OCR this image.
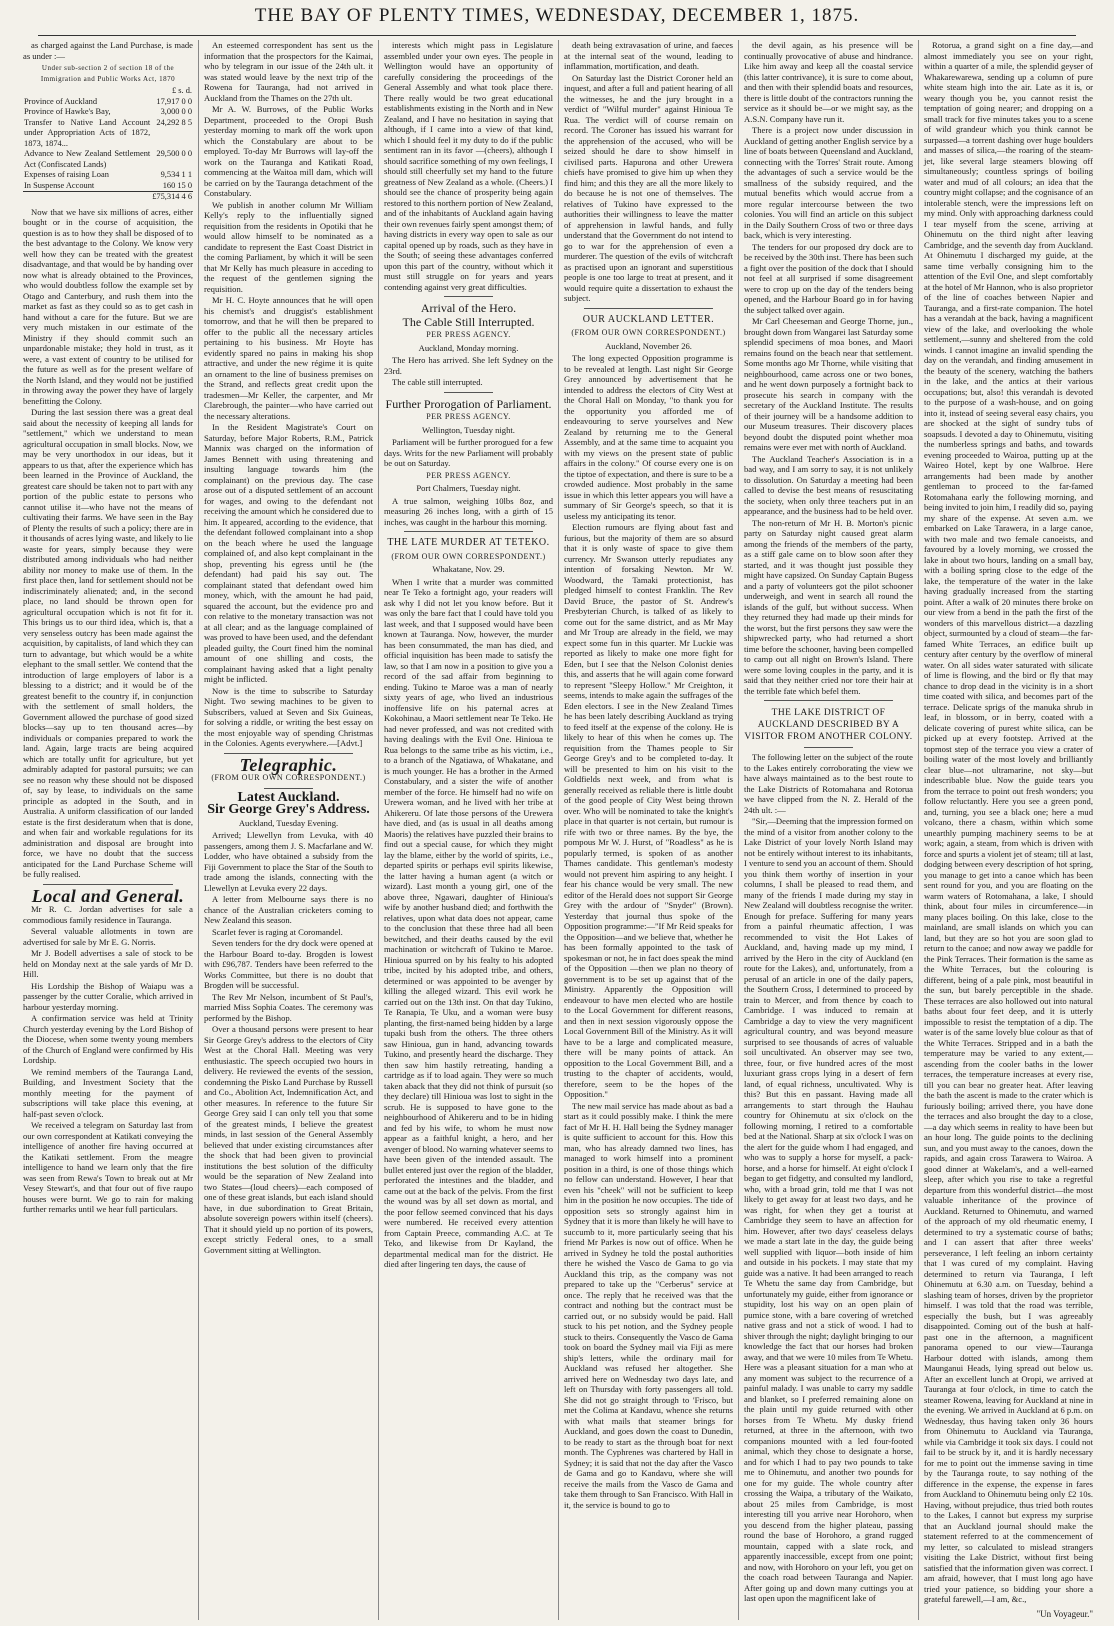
THE BAY OF PLENTY TIMES, WEDNESDAY, DECEMBER 1, 1875.

as charged against the Land Purchase, is made as under :—

Under sub-section 2 of section 18 of the Immigration and Public Works Act, 1870
	£ s. d.
Province of Auckland	17,917 0 0
Province of Hawke's Bay,	3,000 0 0
Transfer to Native Land Account under Appropriation Acts of 1872, 1873, 1874...	24,292 8 5
Advance to New Zealand Settlement Act (Confiscated Lands)	29,500 0 0
Expenses of raising Loan	9,534 1 1
In Suspense Account	160 15 0
	£75,314 4 6

Now that we have six millions of acres, either bought or in the course of acquisition, the question is as to how they shall be disposed of to the best advantage to the Colony. We know very well how they can be treated with the greatest disadvantage, and that would be by handing over now what is already obtained to the Provinces, who would doubtless follow the example set by Otago and Canterbury, and rush them into the market as fast as they could so as to get cash in hand without a care for the future. But we are very much mistaken in our estimate of the Ministry if they should commit such an unpardonable mistake; they hold in trust, as it were, a vast extent of country to be utilised for the future as well as for the present welfare of the North Island, and they would not be justified in throwing away the power they have of largely benefitting the Colony.

During the last session there was a great deal said about the necessity of keeping all lands for "settlement," which we understand to mean agricultural occupation in small blocks. Now, we may be very unorthodox in our ideas, but it appears to us that, after the experience which has been learned in the Province of Auckland, the greatest care should be taken not to part with any portion of the public estate to persons who cannot utilise it—who have not the means of cultivating their farms. We have seen in the Bay of Plenty the results of such a policy; there are in it thousands of acres lying waste, and likely to lie waste for years, simply because they were distributed among individuals who had neither ability nor money to make use of them. In the first place then, land for settlement should not be indiscriminately alienated; and, in the second place, no land should be thrown open for agricultural occupation which is not fit for it. This brings us to our third idea, which is, that a very senseless outcry has been made against the acquisition, by capitalists, of land which they can turn to advantage, but which would be a white elephant to the small settler. We contend that the introduction of large employers of labor is a blessing to a district; and it would be of the greatest benefit to the country if, in conjunction with the settlement of small holders, the Government allowed the purchase of good sized blocks—say up to ten thousand acres—by individuals or companies prepared to work the land. Again, large tracts are being acquired which are totally unfit for agriculture, but yet admirably adapted for pastoral pursuits; we can see no reason why these should not be disposed of, say by lease, to individuals on the same principle as adopted in the South, and in Australia. A uniform classification of our landed estate is the first desideratum when that is done, and when fair and workable regulations for its administration and disposal are brought into force, we have no doubt that the success anticipated for the Land Purchase Scheme will be fully realised.

Local and General.

Mr R. C. Jordan advertises for sale a commodious family residence in Tauranga.

Several valuable allotments in town are advertised for sale by Mr E. G. Norris.

Mr J. Bodell advertises a sale of stock to be held on Monday next at the sale yards of Mr D. Hill.

His Lordship the Bishop of Waiapu was a passenger by the cutter Coralie, which arrived in harbour yesterday morning.

A confirmation service was held at Trinity Church yesterday evening by the Lord Bishop of the Diocese, when some twenty young members of the Church of England were confirmed by His Lordship.

We remind members of the Tauranga Land, Building, and Investment Society that the monthly meeting for the payment of subscriptions will take place this evening, at half-past seven o'clock.

We received a telegram on Saturday last from our own correspondent at Katikati conveying the intelligence of another fire having occurred at the Katikati settlement. From the meagre intelligence to hand we learn only that the fire was seen from Rewa's Town to break out at Mr Vesey Stewart's, and that four out of five raupo houses were burnt. We go to rain for making further remarks until we hear full particulars.

An esteemed correspondent has sent us the information that the prospectors for the Kaimai, who by telegram in our issue of the 24th ult. it was stated would leave by the next trip of the Rowena for Tauranga, had not arrived in Auckland from the Thames on the 27th ult.

Mr A. W. Burrows, of the Public Works Department, proceeded to the Oropi Bush yesterday morning to mark off the work upon which the Constabulary are about to be employed. To-day Mr Burrows will lay-off the work on the Tauranga and Katikati Road, commencing at the Waitoa mill dam, which will be carried on by the Tauranga detachment of the Constabulary.

We publish in another column Mr William Kelly's reply to the influentially signed requisition from the residents in Opotiki that he would allow himself to be nominated as a candidate to represent the East Coast District in the coming Parliament, by which it will be seen that Mr Kelly has much pleasure in acceding to the request of the gentlemen signing the requisition.

Mr H. C. Hoyte announces that he will open his chemist's and druggist's establishment tomorrow, and that he will then be prepared to offer to the public all the necessary articles pertaining to his business. Mr Hoyte has evidently spared no pains in making his shop attractive, and under the new régime it is quite an ornament to the line of business premises on the Strand, and reflects great credit upon the tradesmen—Mr Keller, the carpenter, and Mr Clarebrough, the painter—who have carried out the necessary alterations.

In the Resident Magistrate's Court on Saturday, before Major Roberts, R.M., Patrick Mannix was charged on the information of James Bennett with using threatening and insulting language towards him (the complainant) on the previous day. The case arose out of a disputed settlement of an account for wages, and owing to the defendant not receiving the amount which he considered due to him. It appeared, according to the evidence, that the defendant followed complainant into a shop on the beach where he used the language complained of, and also kept complainant in the shop, preventing his egress until he (the defendant) had paid his say out. The complainant stated that defendant owed him money, which, with the amount he had paid, squared the account, but the evidence pro and con relative to the monetary transaction was not at all clear; and as the language complained of was proved to have been used, and the defendant pleaded guilty, the Court fined him the nominal amount of one shilling and costs, the complainant having asked that a light penalty might be inflicted.

Now is the time to subscribe to Saturday Night. Two sewing machines to be given to Subscribers, valued at Seven and Six Guineas, for solving a riddle, or writing the best essay on the most enjoyable way of spending Christmas in the Colonies. Agents everywhere.—[Advt.]

Telegraphic.
(FROM OUR OWN CORRESPONDENT.)
Latest Auckland.
Sir George Grey's Address.
Auckland, Tuesday Evening.

Arrived; Llewellyn from Levuka, with 40 passengers, among them J. S. Macfarlane and W. Lodder, who have obtained a subsidy from the Fiji Government to place the Star of the South to trade among the islands, connecting with the Llewellyn at Levuka every 22 days.

A letter from Melbourne says there is no chance of the Australian cricketers coming to New Zealand this season.

Scarlet fever is raging at Coromandel.

Seven tenders for the dry dock were opened at the Harbour Board to-day. Brogden is lowest with £96,787. Tenders have been referred to the Works Committee, but there is no doubt that Brogden will be successful.

The Rev Mr Nelson, incumbent of St Paul's, married Miss Sophia Coates. The ceremony was performed by the Bishop.

Over a thousand persons were present to hear Sir George Grey's address to the electors of City West at the Choral Hall. Meeting was very enthusiastic. The speech occupied two hours in delivery. He reviewed the events of the session, condemning the Pisko Land Purchase by Russell and Co., Abolition Act, Indemnification Act, and other measures. In reference to the future Sir George Grey said I can only tell you that some of the greatest minds, I believe the greatest minds, in last session of the General Assembly believed that under existing circumstances after the shock that had been given to provincial institutions the best solution of the difficulty would be the separation of New Zealand into two States—(loud cheers)—each composed of one of these great islands, but each island should have, in due subordination to Great Britain, absolute sovereign powers within itself (cheers). That it should yield up no portion of its powers, except strictly Federal ones, to a small Government sitting at Wellington.

interests which might pass in Legislature assembled under your own eyes. The people in Wellington would have an opportunity of carefully considering the proceedings of the General Assembly and what took place there. There really would be two great educational establishments existing in the North and in New Zealand, and I have no hesitation in saying that although, if I came into a view of that kind, which I should feel it my duty to do if the public sentiment ran in its favor —(cheers), although I should sacrifice something of my own feelings, I should still cheerfully set my hand to the future greatness of New Zealand as a whole. (Cheers.) I should see the chance of prosperity being again restored to this northern portion of New Zealand, and of the inhabitants of Auckland again having their own revenues fairly spent amongst them; of having districts in every way open to sale as our capital opened up by roads, such as they have in the South; of seeing these advantages conferred upon this part of the country, without which it must still struggle on for years and years contending against very great difficulties.

Arrival of the Hero.
The Cable Still Interrupted.
PER PRESS AGENCY.
Auckland, Monday morning.

The Hero has arrived. She left Sydney on the 23rd.

The cable still interrupted.

Further Prorogation of Parliament.
PER PRESS AGENCY.
Wellington, Tuesday night.

Parliament will be further prorogued for a few days. Writs for the new Parliament will probably be out on Saturday.

PER PRESS AGENCY.
Port Chalmers, Tuesday night.

A true salmon, weighing 10lbs 8oz, and measuring 26 inches long, with a girth of 15 inches, was caught in the harbour this morning.

THE LATE MURDER AT TETEKO.
(FROM OUR OWN CORRESPONDENT.)
Whakatane, Nov. 29.

When I write that a murder was committed near Te Teko a fortnight ago, your readers will ask why I did not let you know before. But it was only the bare fact that I could have told you last week, and that I supposed would have been known at Tauranga. Now, however, the murder has been consummated, the man has died, and official inquisition has been made to satisfy the law, so that I am now in a position to give you a record of the sad affair from beginning to ending. Tukino te Maroe was a man of nearly sixty years of age, who lived an industrious inoffensive life on his paternal acres at Kokohinau, a Maori settlement near Te Teko. He had never professed, and was not credited with having dealings with the Evil One. Hinioua te Rua belongs to the same tribe as his victim, i.e., to a branch of the Ngatiawa, of Whakatane, and is much younger. He has a brother in the Armed Constabulary, and a sister the wife of another member of the force. He himself had no wife on Urewera woman, and he lived with her tribe at Ahikereru. Of late those persons of the Urewera have died, and (as is usual in all deaths among Maoris) the relatives have puzzled their brains to find out a special cause, for which they might lay the blame, either by the world of spirits, i.e., departed spirits or perhaps evil spirits likewise, the latter having a human agent (a witch or wizard). Last month a young girl, one of the above three, Ngawari, daughter of Hinioua's wife by another husband died; and forthwith the relatives, upon what data does not appear, came to the conclusion that these three had all been bewitched, and their deaths caused by the evil machination or witchcraft of Tukino te Maroe. Hinioua spurred on by his fealty to his adopted tribe, incited by his adopted tribe, and others, determined or was appointed to be avenger by killing the alleged wizard. This evil work he carried out on the 13th inst. On that day Tukino, Te Ranapia, Te Uku, and a woman were busy planting, the first-named being hidden by a large tupaki bush from the others. The three others saw Hinioua, gun in hand, advancing towards Tukino, and presently heard the discharge. They then saw him hastily retreating, handing a cartridge as if to load again. They were so much taken aback that they did not think of pursuit (so they declare) till Hinioua was lost to sight in the scrub. He is supposed to have gone to the neighbourhood of Ahikereru and to be in hiding and fed by his wife, to whom he must now appear as a faithful knight, a hero, and her avenger of blood. No warning whatever seems to have been given of the intended assault. The bullet entered just over the region of the bladder, perforated the intestines and the bladder, and came out at the back of the pelvis. From the first the wound was by all set down as mortal, and the poor fellow seemed convinced that his days were numbered. He received every attention from Captain Preece, commanding A.C. at Te Teko, and likewise from Dr Kayland, the departmental medical man for the district. He died after lingering ten days, the cause of

death being extravasation of urine, and faeces at the internal seat of the wound, leading to inflammation, mortification, and death.

On Saturday last the District Coroner held an inquest, and after a full and patient hearing of all the witnesses, he and the jury brought in a verdict of "Wilful murder" against Hinioua Te Rua. The verdict will of course remain on record. The Coroner has issued his warrant for the apprehension of the accused, who will be seized should he dare to show himself in civilised parts. Hapurona and other Urewera chiefs have promised to give him up when they find him; and this they are all the more likely to do because he is not one of themselves. The relatives of Tukino have expressed to the authorities their willingness to leave the matter of apprehension in lawful hands, and fully understand that the Government do not intend to go to war for the apprehension of even a murderer. The question of the evils of witchcraft as practised upon an ignorant and superstitious people is one too large to treat at present, and it would require quite a dissertation to exhaust the subject.

OUR AUCKLAND LETTER.
(FROM OUR OWN CORRESPONDENT.)
Auckland, November 26.

The long expected Opposition programme is to be revealed at length. Last night Sir George Grey announced by advertisement that he intended to address the electors of City West at the Choral Hall on Monday, "to thank you for the opportunity you afforded me of endeavouring to serve yourselves and New Zealand by returning me to the General Assembly, and at the same time to acquaint you with my views on the present state of public affairs in the colony." Of course every one is on the tiptoe of expectation, and there is sure to be a crowded audience. Most probably in the same issue in which this letter appears you will have a summary of Sir George's speech, so that it is useless my anticipating its tenor.

Election rumours are flying about fast and furious, but the majority of them are so absurd that it is only waste of space to give them currency. Mr Swanson utterly repudiates any intention of forsaking Newton. Mr W. Woodward, the Tamaki protectionist, has pledged himself to contest Franklin. The Rev David Bruce, the pastor of St. Andrew's Presbyterian Church, is talked of as likely to come out for the same district, and as Mr May and Mr Troup are already in the field, we may expect some fun in this quarter. Mr Luckie was reported as likely to make one more fight for Eden, but I see that the Nelson Colonist denies this, and asserts that he will again come forward to represent "Sleepy Hollow." Mr Creighton, it seems, intends to make again the suffrages of the Eden electors. I see in the New Zealand Times he has been lately describing Auckland as trying to feed itself at the expense of the colony. He is likely to hear of this when he comes up. The requisition from the Thames people to Sir George Grey's and to be completed to-day. It will be presented to him on his visit to the Goldfields next week, and from what is generally received as reliable there is little doubt of the good people of City West being thrown over. Who will be nominated to take the knight's place in that quarter is not certain, but rumour is rife with two or three names. By the bye, the pompous Mr W. J. Hurst, of "Roadless" as he is popularly termed, is spoken of as another Thames candidate. This gentleman's modesty would not prevent him aspiring to any height. I fear his chance would be very small. The new editor of the Herald does not support Sir George Grey with the ardour of "Snyder" (Brown). Yesterday that journal thus spoke of the Opposition programme:—"If Mr Reid speaks for the Opposition—and we believe that, whether he has been formally appointed to the task of spokesman or not, he in fact does speak the mind of the Opposition —then we plan no theory of government is to be set up against that of the Ministry. Apparently the Opposition will endeavour to have men elected who are hostile to the Local Government for different reasons, and then in next session vigorously oppose the Local Government Bill of the Ministry. As it will have to be a large and complicated measure, there will be many points of attack. An opposition to the Local Government Bill, and a trusting to the chapter of accidents, would, therefore, seem to be the hopes of the Opposition."

The new mail service has made about as bad a start as it could possibly make. I think the mere fact of Mr H. H. Hall being the Sydney manager is quite sufficient to account for this. How this man, who has already damned two lines, has managed to work himself into a prominent position in a third, is one of those things which no fellow can understand. However, I hear that even his "cheek" will not be sufficient to keep him in the position he now occupies. The tide of opposition sets so strongly against him in Sydney that it is more than likely he will have to succumb to it, more particularly seeing that his friend Mr Parkes is now out of office. When he arrived in Sydney he told the postal authorities there he wished the Vasco de Gama to go via Auckland this trip, as the company was not prepared to take up the "Cerberus" service at once. The reply that he received was that the contract and nothing but the contract must be carried out, or no subsidy would be paid. Hall stuck to his pet notion, and the Sydney people stuck to theirs. Consequently the Vasco de Gama took on board the Sydney mail via Fiji as mere ship's letters, while the ordinary mail for Auckland was refused her altogether. She arrived here on Wednesday two days late, and left on Thursday with forty passengers all told. She did not go straight through to 'Frisco, but met the Colima at Kandavu, whence she returns with what mails that steamer brings for Auckland, and goes down the coast to Dunedin, to be ready to start as the through boat for next month. The Cyphrenes was chartered by Hall in Sydney; it is said that not the day after the Vasco de Gama and go to Kandavu, where she will receive the mails from the Vasco de Gama and take them through to San Francisco. With Hall in it, the service is bound to go to

the devil again, as his presence will be continually provocative of abuse and hindrance. Like him away and keep all the coastal service (this latter contrivance), it is sure to come about, and then with their splendid boats and resources, there is little doubt of the contractors running the service as it should be—or we might say, as the A.S.N. Company have run it.

There is a project now under discussion in Auckland of getting another English service by a line of boats between Queensland and Auckland, connecting with the Torres' Strait route. Among the advantages of such a service would be the smallness of the subsidy required, and the mutual benefits which would accrue from a more regular intercourse between the two colonies. You will find an article on this subject in the Daily Southern Cross of two or three days back, which is very interesting.

The tenders for our proposed dry dock are to be received by the 30th inst. There has been such a fight over the position of the dock that I should not feel at all surprised if some disagreement were to crop up on the day of the tenders being opened, and the Harbour Board go in for having the subject talked over again.

Mr Carl Cheeseman and George Thorne, jun., brought down from Wangarei last Saturday some splendid specimens of moa bones, and Maori remains found on the beach near that settlement. Some months ago Mr Thorne, while visiting that neighbourhood, came across one or two bones, and he went down purposely a fortnight back to prosecute his search in company with the secretary of the Auckland Institute. The results of their journey will be a handsome addition to our Museum treasures. Their discovery places beyond doubt the disputed point whether moa remains were ever met with north of Auckland.

The Auckland Teacher's Association is in a bad way, and I am sorry to say, it is not unlikely to dissolution. On Saturday a meeting had been called to devise the best means of resuscitating the society, when only three teachers put in an appearance, and the business had to be held over.

The non-return of Mr H. B. Morton's picnic party on Saturday night caused great alarm among the friends of the members of the party, as a stiff gale came on to blow soon after they started, and it was thought just possible they might have capsized. On Sunday Captain Bugess and a party of volunteers got the pilot schooner underweigh, and went in search all round the islands of the gulf, but without success. When they returned they had made up their minds for the worst, but the first persons they saw were the shipwrecked party, who had returned a short time before the schooner, having been compelled to camp out all night on Brown's Island. There were some loving couples in the party, and it is said that they neither cried nor tore their hair at the terrible fate which befel them.

THE LAKE DISTRICT OF AUCKLAND DESCRIBED BY A VISITOR FROM ANOTHER COLONY.

The following letter on the subject of the route to the Lakes entirely corroborating the view we have always maintained as to the best route to the Lake Districts of Rotomahana and Rotorua we have clipped from the N. Z. Herald of the 24th ult. :—

"Sir,—Deeming that the impression formed on the mind of a visitor from another colony to the Lake District of your lovely North Island may not be entirely without interest to its inhabitants, I venture to send you an account of them. Should you think them worthy of insertion in your columns, I shall be pleased to read them, and many of the friends I made during my stay in New Zealand will doubtless recognise the writer. Enough for preface. Suffering for many years from a painful rheumatic affection, I was recommended to visit the Hot Lakes of Auckland, and, having made up my mind, I arrived by the Hero in the city of Auckland (en route for the Lakes), and, unfortunately, from a perusal of an article in one of the daily papers, the Southern Cross, I determined to proceed by train to Mercer, and from thence by coach to Cambridge. I was induced to remain at Cambridge a day to view the very magnificent agricultural country, and was beyond measure surprised to see thousands of acres of valuable soil uncultivated. An observer may see two, three, four, or five hundred acres of the most luxuriant grass crops lying in a desert of fern land, of equal richness, uncultivated. Why is this? But this en passant. Having made all arrangements to start through the Hauhau country for Ohinemutu at six o'clock on the following morning, I retired to a comfortable bed at the National. Sharp at six o'clock I was on the alert for the guide whom I had engaged, and who was to supply a horse for myself, a pack-horse, and a horse for himself. At eight o'clock I began to get fidgetty, and consulted my landlord, who, with a broad grin, told me that I was not likely to get away for at least two days, and he was right, for when they get a tourist at Cambridge they seem to have an affection for him. However, after two days' ceaseless delays we made a start late in the day, the guide being well supplied with liquor—both inside of him and outside in his pockets. I may state that my guide was a native. It had been arranged to reach Te Whetu the same day from Cambridge, but unfortunately my guide, either from ignorance or stupidity, lost his way on an open plain of pumice stone, with a bare covering of wretched native grass and not a stick of wood. I had to shiver through the night; daylight bringing to our knowledge the fact that our horses had broken away, and that we were 10 miles from Te Whetu. Here was a pleasant situation for a man who at any moment was subject to the recurrence of a painful malady. I was unable to carry my saddle and blanket, so I preferred remaining alone on the plain until my guide returned with other horses from Te Whetu. My dusky friend returned, at three in the afternoon, with two companions mounted with a led four-footed animal, which they chose to designate a horse, and for which I had to pay two pounds to take me to Ohinemutu, and another two pounds for one for my guide. The whole country after crossing the Waipa, a tributary of the Waikato, about 25 miles from Cambridge, is most interesting till you arrive near Horohoro, when you descend from the higher plateau, passing round the base of Horohoro, a grand rugged mountain, capped with a slate rock, and apparently inaccessible, except from one point; and now, with Horohoro on your left, you get on the coach road between Tauranga and Napier. After going up and down many cuttings you at last open upon the magnificent lake of

Rotorua, a grand sight on a fine day,—and almost immediately you see on your right, within a quarter of a mile, the splendid geyser of Whakarewarewa, sending up a column of pure white steam high into the air. Late as it is, or weary though you be, you cannot resist the temptation of going nearer; and dropping on a small track for five minutes takes you to a scene of wild grandeur which you think cannot be surpassed—a torrent dashing over huge boulders and masses of silica,—the roaring of the steam-jet, like several large steamers blowing off simultaneously; countless springs of boiling water and mud of all colours; an idea that the country might collapse; and the cognisance of an intolerable stench, were the impressions left on my mind. Only with approaching darkness could I tear myself from the scene, arriving at Ohinemutu on the third night after leaving Cambridge, and the seventh day from Auckland. At Ohinemutu I discharged my guide, at the same time verbally consigning him to the attention of the Evil One, and slept comfortably at the hotel of Mr Hannon, who is also proprietor of the line of coaches between Napier and Tauranga, and a first-rate companion. The hotel has a verandah at the back, having a magnificent view of the lake, and overlooking the whole settlement,—sunny and sheltered from the cold winds. I cannot imagine an invalid spending the day on the verandah, and finding amusement in the beauty of the scenery, watching the bathers in the lake, and the antics at their various occupations; but, also! this verandah is devoted to the purpose of a wash-house, and on going into it, instead of seeing several easy chairs, you are shocked at the sight of sundry tubs of soapsuds. I devoted a day to Ohinemutu, visiting the numberless springs and baths, and towards evening proceeded to Wairoa, putting up at the Waireo Hotel, kept by one Walbroe. Here arrangements had been made by another gentleman to proceed to the far-famed Rotomahana early the following morning, and being invited to join him, I readily did so, paying my share of the expense. At seven a.m. we embarked on Lake Tarawera, in a large canoe, with two male and two female canoeists, and favoured by a lovely morning, we crossed the lake in about two hours, landing on a small bay, with a boiling spring close to the edge of the lake, the temperature of the water in the lake having gradually increased from the starting point. After a walk of 20 minutes there broke on our view from a bend in the path the first of the wonders of this marvellous district—a dazzling object, surmounted by a cloud of steam—the far-famed White Terraces, an edifice built up century after century by the overflow of mineral water. On all sides water saturated with silicate of lime is flowing, and the bird or fly that may chance to drop dead in the vicinity is in a short time coated with silica, and becomes part of the terrace. Delicate sprigs of the manuka shrub in leaf, in blossom, or in berry, coated with a delicate covering of purest white silica, can be picked up at every footstep. Arrived at the topmost step of the terrace you view a crater of boiling water of the most lovely and brilliantly clear blue—not ultramarine, not sky—but indescribable blue. Now the guide tears you from the terrace to point out fresh wonders; you follow reluctantly. Here you see a green pond, and, turning, you see a black one; here a mud volcano, there a chasm, within which some unearthly pumping machinery seems to be at work; again, a steam, from which is driven with force and spurts a violent jet of steam; till at last, dodging between every description of hot spring, you manage to get into a canoe which has been sent round for you, and you are floating on the warm waters of Rotomahana, a lake, I should think, about four miles in circumference—in many places boiling. On this lake, close to the mainland, are small islands on which you can land, but they are so hot you are soon glad to return to the canoe; and now away we paddle for the Pink Terraces. Their formation is the same as the White Terraces, but the colouring is different, being of a pale pink, most beautiful in the sun, but barely perceptible in the shade. These terraces are also hollowed out into natural baths about four feet deep, and it is utterly impossible to resist the temptation of a dip. The water is of the same lovely blue colour as that of the White Terraces. Stripped and in a bath the temperature may be varied to any extent,—ascending from the cooler baths in the lower terraces, the temperature increases at every rise, till you can bear no greater heat. After leaving the bath the ascent is made to the crater which is furiously boiling; arrived there, you have done the terraces and also brought the day to a close, —a day which seems in reality to have been but an hour long. The guide points to the declining sun, and you must away to the canoes, down the rapids, and again cross Tarawera to Wairoa. A good dinner at Wakelam's, and a well-earned sleep, after which you rise to take a regretful departure from this wonderful district—the most valuable inheritance of the province of Auckland. Returned to Ohinemutu, and warned of the approach of my old rheumatic enemy, I determined to try a systematic course of baths; and I can assert that after three weeks' perseverance, I left feeling an inborn certainty that I was cured of my complaint. Having determined to return via Tauranga, I left Ohinemutu at 6.30 a.m. on Tuesday, behind a slashing team of horses, driven by the proprietor himself. I was told that the road was terrible, especially the bush, but I was agreeably disappointed. Coming out of the bush at half-past one in the afternoon, a magnificent panorama opened to our view—Tauranga Harbour dotted with islands, among them Maunganui Heads, lying spread out below us. After an excellent lunch at Oropi, we arrived at Tauranga at four o'clock, in time to catch the steamer Rowena, leaving for Auckland at nine in the evening. We arrived in Auckland at 6 p.m. on Wednesday, thus having taken only 36 hours from Ohinemutu to Auckland via Tauranga, while via Cambridge it took six days. I could not fail to be struck by it, and it is hardly necessary for me to point out the immense saving in time by the Tauranga route, to say nothing of the difference in the expense, the expense in fares from Auckland to Ohinemutu being only £2 10s. Having, without prejudice, thus tried both routes to the Lakes, I cannot but express my surprise that an Auckland journal should make the statement referred to at the commencement of my letter, so calculated to mislead strangers visiting the Lake District, without first being satisfied that the information given was correct. I am afraid, however, that I must long ago have tried your patience, so bidding your shore a grateful farewell,—I am, &c.,

"Un Voyageur."
